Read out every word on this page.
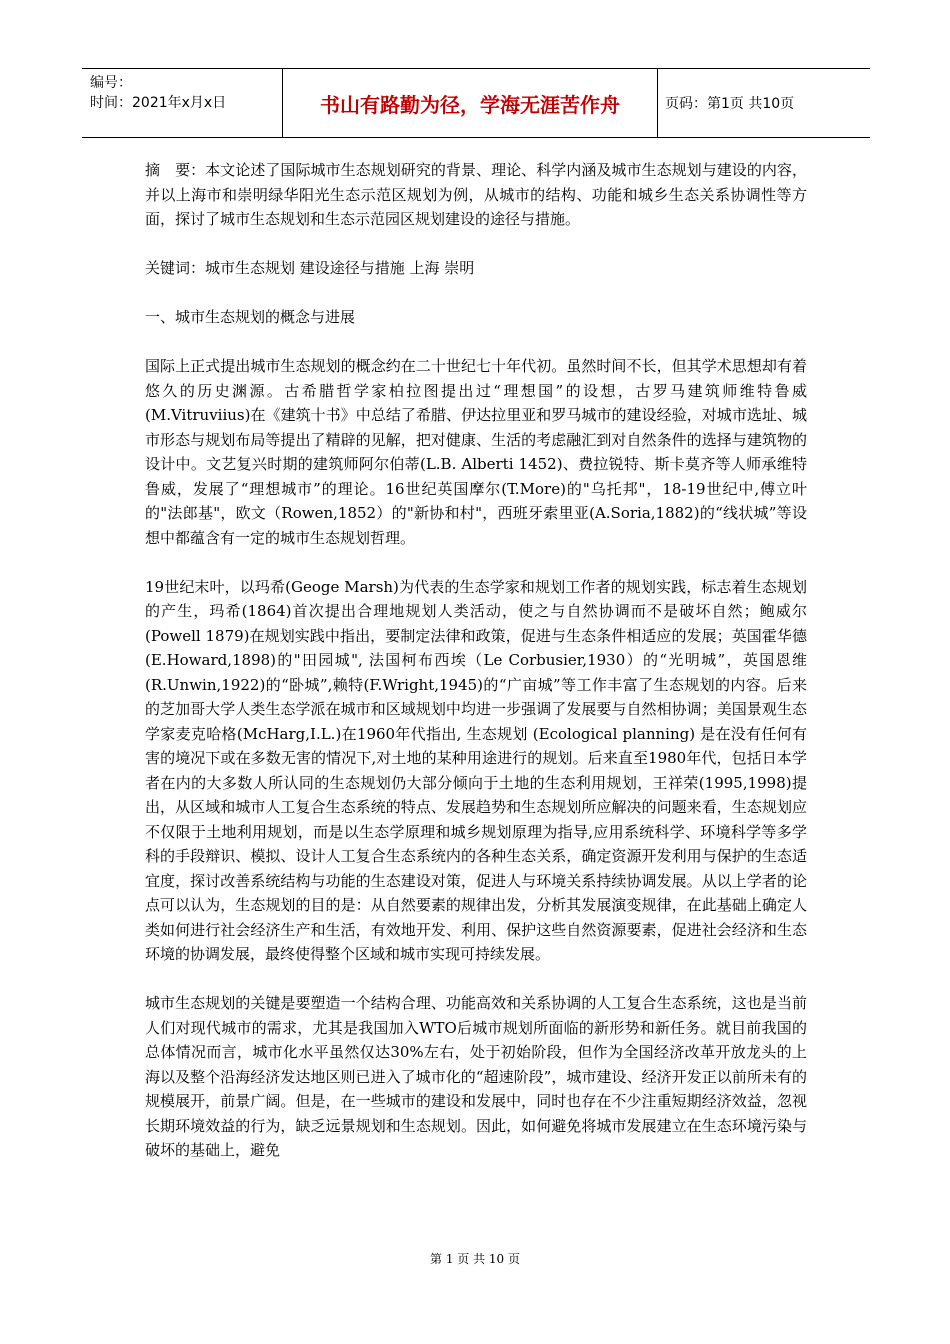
编号：
时间：2021年x月x日	书山有路勤为径，学海无涯苦作舟	页码：第1页 共10页

摘　要：本文论述了国际城市生态规划研究的背景、理论、科学内涵及城市生态规划与建设的内容，并以上海市和崇明绿华阳光生态示范区规划为例，从城市的结构、功能和城乡生态关系协调性等方面，探讨了城市生态规划和生态示范园区规划建设的途径与措施。

关键词：城市生态规划 建设途径与措施 上海 崇明

一、城市生态规划的概念与进展

国际上正式提出城市生态规划的概念约在二十世纪七十年代初。虽然时间不长，但其学术思想却有着悠久的历史渊源。古希腊哲学家柏拉图提出过“理想国”的设想，古罗马建筑师维特鲁威 (M.Vitruviius)在《建筑十书》中总结了希腊、伊达拉里亚和罗马城市的建设经验，对城市选址、城市形态与规划布局等提出了精辟的见解，把对健康、生活的考虑融汇到对自然条件的选择与建筑物的设计中。文艺复兴时期的建筑师阿尔伯蒂(L.B. Alberti 1452)、费拉锐特、斯卡莫齐等人师承维特鲁威，发展了“理想城市”的理论。16世纪英国摩尔(T.More)的"乌托邦"，18-19世纪中,傅立叶的"法郎基"，欧文（Rowen,1852）的"新协和村"，西班牙索里亚(A.Soria,1882)的“线状城”等设想中都蕴含有一定的城市生态规划哲理。

19世纪末叶，以玛希(Geoge Marsh)为代表的生态学家和规划工作者的规划实践，标志着生态规划的产生，玛希(1864)首次提出合理地规划人类活动，使之与自然协调而不是破坏自然；鲍威尔(Powell 1879)在规划实践中指出，要制定法律和政策，促进与生态条件相适应的发展；英国霍华德(E.Howard,1898)的"田园城", 法国柯布西埃（Le Corbusier,1930）的“光明城”，英国恩维(R.Unwin,1922)的“卧城”,赖特(F.Wright,1945)的“广亩城”等工作丰富了生态规划的内容。后来的芝加哥大学人类生态学派在城市和区域规划中均进一步强调了发展要与自然相协调；美国景观生态学家麦克哈格(McHarg,I.L.)在1960年代指出, 生态规划 (Ecological planning) 是在没有任何有害的境况下或在多数无害的情况下,对土地的某种用途进行的规划。后来直至1980年代，包括日本学者在内的大多数人所认同的生态规划仍大部分倾向于土地的生态利用规划，王祥荣(1995,1998)提出，从区域和城市人工复合生态系统的特点、发展趋势和生态规划所应解决的问题来看，生态规划应不仅限于土地利用规划，而是以生态学原理和城乡规划原理为指导,应用系统科学、环境科学等多学科的手段辩识、模拟、设计人工复合生态系统内的各种生态关系，确定资源开发利用与保护的生态适宜度，探讨改善系统结构与功能的生态建设对策，促进人与环境关系持续协调发展。从以上学者的论点可以认为，生态规划的目的是：从自然要素的规律出发，分析其发展演变规律，在此基础上确定人类如何进行社会经济生产和生活，有效地开发、利用、保护这些自然资源要素，促进社会经济和生态环境的协调发展，最终使得整个区域和城市实现可持续发展。

城市生态规划的关键是要塑造一个结构合理、功能高效和关系协调的人工复合生态系统，这也是当前人们对现代城市的需求，尤其是我国加入WTO后城市规划所面临的新形势和新任务。就目前我国的总体情况而言，城市化水平虽然仅达30%左右，处于初始阶段，但作为全国经济改革开放龙头的上海以及整个沿海经济发达地区则已进入了城市化的“超速阶段”，城市建设、经济开发正以前所未有的规模展开，前景广阔。但是，在一些城市的建设和发展中，同时也存在不少注重短期经济效益，忽视长期环境效益的行为，缺乏远景规划和生态规划。因此，如何避免将城市发展建立在生态环境污染与破坏的基础上，避免

第 1 页 共 10 页
